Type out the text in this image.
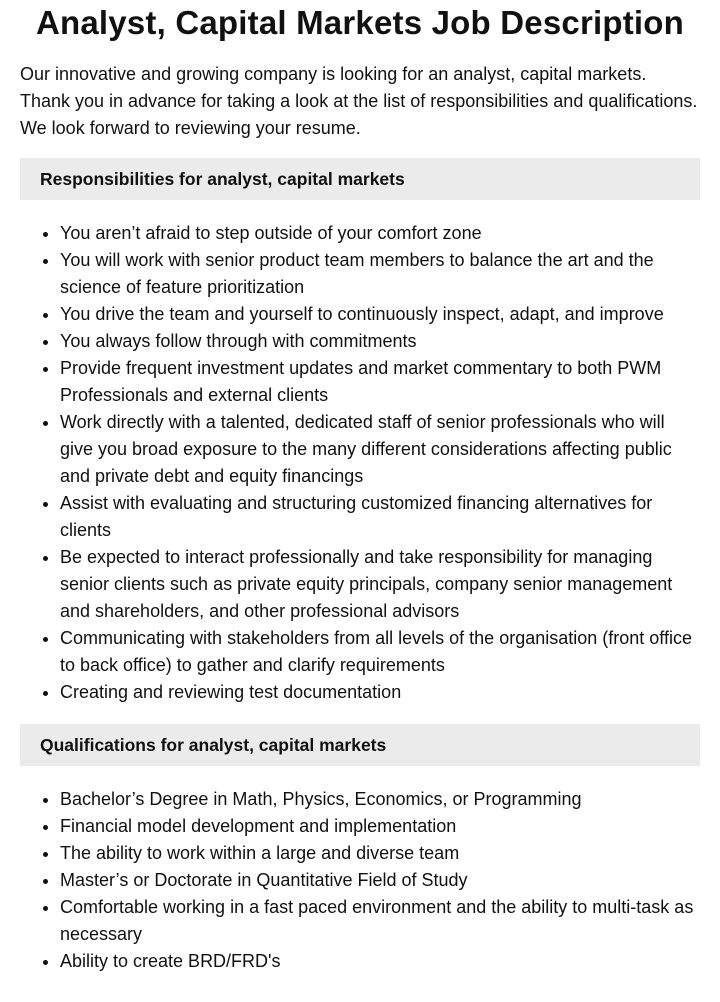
Analyst, Capital Markets Job Description

Our innovative and growing company is looking for an analyst, capital markets. Thank you in advance for taking a look at the list of responsibilities and qualifications. We look forward to reviewing your resume.

Responsibilities for analyst, capital markets
• You aren’t afraid to step outside of your comfort zone
• You will work with senior product team members to balance the art and the science of feature prioritization
• You drive the team and yourself to continuously inspect, adapt, and improve
• You always follow through with commitments
• Provide frequent investment updates and market commentary to both PWM Professionals and external clients
• Work directly with a talented, dedicated staff of senior professionals who will give you broad exposure to the many different considerations affecting public and private debt and equity financings
• Assist with evaluating and structuring customized financing alternatives for clients
• Be expected to interact professionally and take responsibility for managing senior clients such as private equity principals, company senior management and shareholders, and other professional advisors
• Communicating with stakeholders from all levels of the organisation (front office to back office) to gather and clarify requirements
• Creating and reviewing test documentation
Qualifications for analyst, capital markets
• Bachelor’s Degree in Math, Physics, Economics, or Programming
• Financial model development and implementation
• The ability to work within a large and diverse team
• Master’s or Doctorate in Quantitative Field of Study
• Comfortable working in a fast paced environment and the ability to multi-task as necessary
• Ability to create BRD/FRD's
